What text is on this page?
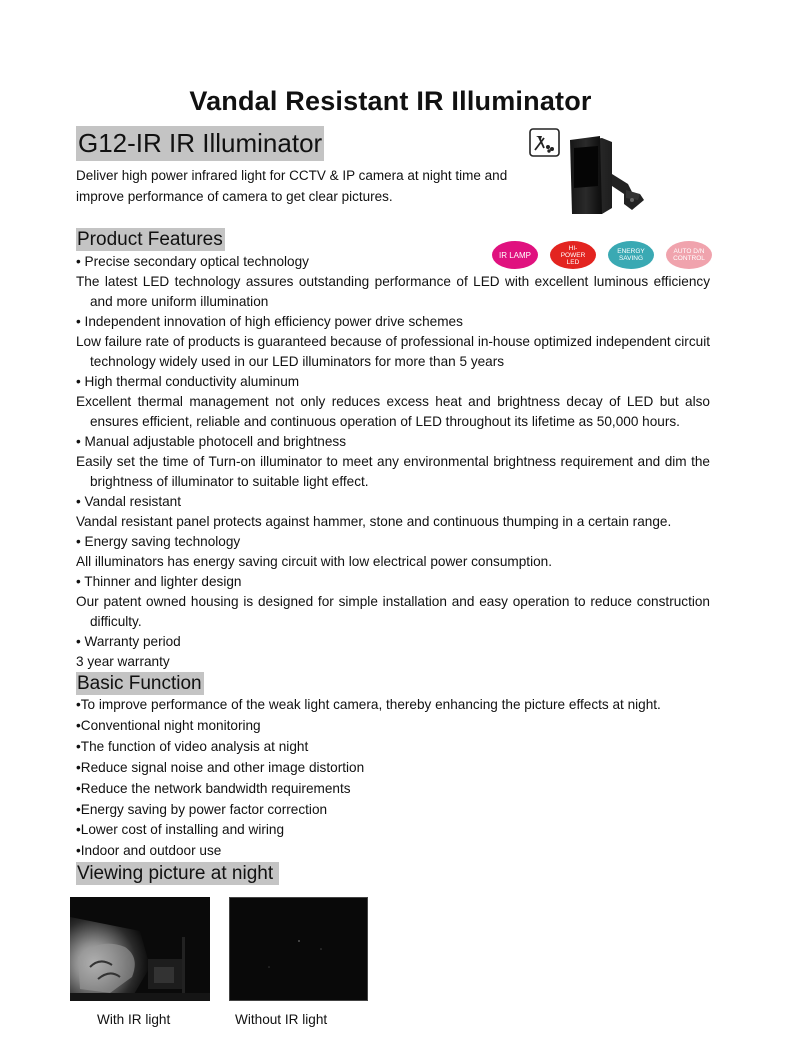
Vandal Resistant IR Illuminator
G12-IR IR Illuminator
Deliver high power infrared light for CCTV & IP camera at night time and improve performance of camera to get clear pictures.
Product Features
IR LAMP
HI-POWER LED
ENERGY SAVING
AUTO D/N CONTROL
• Precise secondary optical technology
The latest LED technology assures outstanding performance of LED with excellent luminous efficiency and more uniform illumination
• Independent innovation of high efficiency power drive schemes
Low failure rate of products is guaranteed because of professional in-house optimized independent circuit technology widely used in our LED illuminators for more than 5 years
• High thermal conductivity aluminum
Excellent thermal management not only reduces excess heat and brightness decay of LED but also ensures efficient, reliable and continuous operation of LED throughout its lifetime as 50,000 hours.
• Manual adjustable photocell and brightness
Easily set the time of Turn-on illuminator to meet any environmental brightness requirement and dim the brightness of illuminator to suitable light effect.
• Vandal resistant
Vandal resistant panel protects against hammer, stone and continuous thumping in a certain range.
• Energy saving technology
All illuminators has energy saving circuit with low electrical power consumption.
• Thinner and lighter design
Our patent owned housing is designed for simple installation and easy operation to reduce construction difficulty.
• Warranty period
3 year warranty
Basic Function
•To improve performance of the weak light camera, thereby enhancing the picture effects at night.
•Conventional night monitoring
•The function of video analysis at night
•Reduce signal noise and other image distortion
•Reduce the network bandwidth requirements
•Energy saving by power factor correction
•Lower cost of installing and wiring
•Indoor and outdoor use
Viewing picture at night
With IR light	Without IR light
